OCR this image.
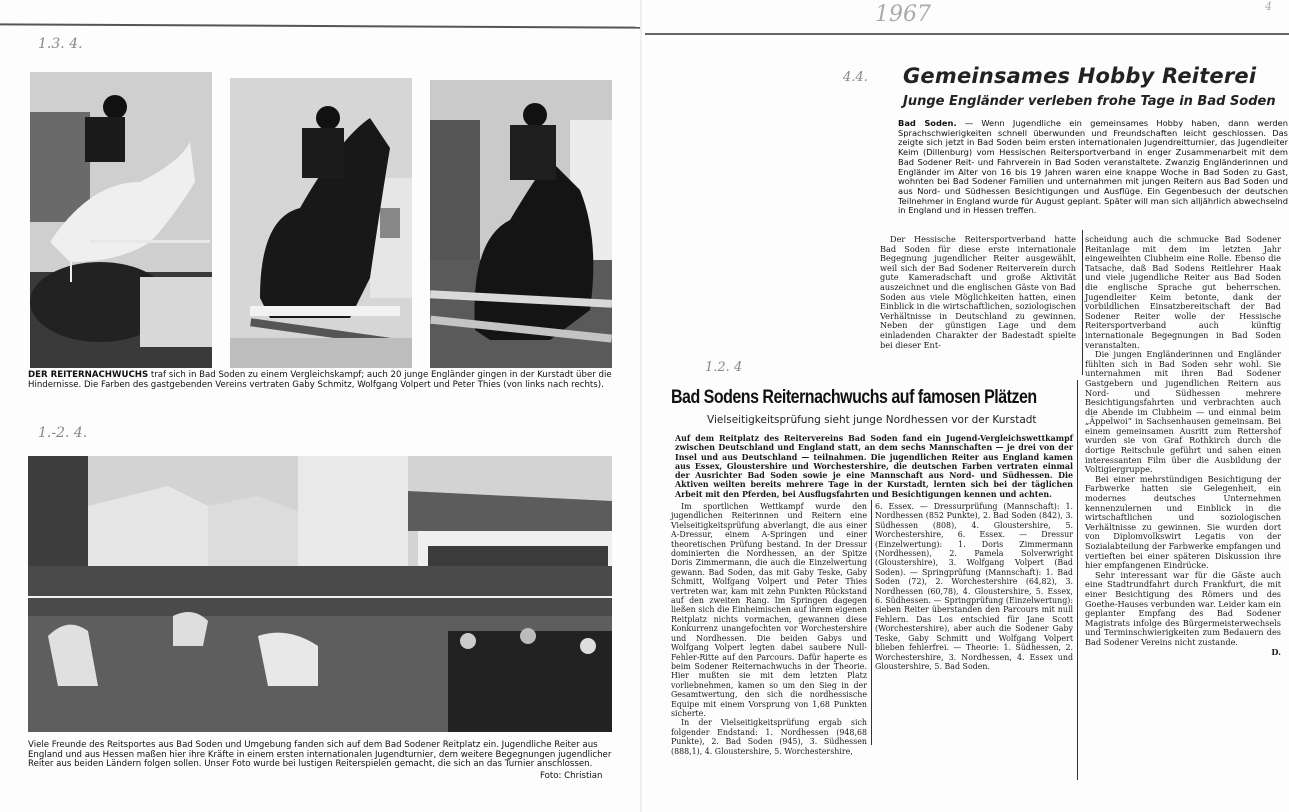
1.3. 4.
DER REITERNACHWUCHS traf sich in Bad Soden zu einem Vergleichskampf; auch 20 junge Engländer gingen in der Kurstadt über die Hindernisse. Die Farben des gastgebenden Vereins vertraten Gaby Schmitz, Wolfgang Volpert und Peter Thies (von links nach rechts).
1.-2. 4.
Viele Freunde des Reitsportes aus Bad Soden und Umgebung fanden sich auf dem Bad Sodener Reitplatz ein. Jugendliche Reiter aus England und aus Hessen maßen hier ihre Kräfte in einem ersten internationalen Jugendturnier, dem weitere Begegnungen jugendlicher Reiter aus beiden Ländern folgen sollen. Unser Foto wurde bei lustigen Reiterspielen gemacht, die sich an das Turnier anschlossen.
Foto: Christian
1967	4
4.4. Gemeinsames Hobby Reiterei
Junge Engländer verleben frohe Tage in Bad Soden
Bad Soden. — Wenn Jugendliche ein gemeinsames Hobby haben, dann werden Sprachschwierigkeiten schnell überwunden und Freundschaften leicht geschlossen. Das zeigte sich jetzt in Bad Soden beim ersten internationalen Jugendreitturnier, das Jugendleiter Keim (Dillenburg) vom Hessischen Reitersportverband in enger Zusammenarbeit mit dem Bad Sodener Reit- und Fahrverein in Bad Soden veranstaltete. Zwanzig Engländerinnen und Engländer im Alter von 16 bis 19 Jahren waren eine knappe Woche in Bad Soden zu Gast, wohnten bei Bad Sodener Familien und unternahmen mit jungen Reitern aus Bad Soden und aus Nord- und Südhessen Besichtigungen und Ausflüge. Ein Gegenbesuch der deutschen Teilnehmer in England wurde für August geplant. Später will man sich alljährlich abwechselnd in England und in Hessen treffen.
Der Hessische Reitersportverband hatte Bad Soden für diese erste internationale Begegnung jugendlicher Reiter ausgewählt, weil sich der Bad Sodener Reiterverein durch gute Kameradschaft und große Aktivität auszeichnet und die englischen Gäste von Bad Soden aus viele Möglichkeiten hatten, einen Einblick in die wirtschaftlichen, soziologischen Verhältnisse in Deutschland zu gewinnen. Neben der günstigen Lage und dem einladenden Charakter der Badestadt spielte bei dieser Ent-

scheidung auch die schmucke Bad Sodener Reitanlage mit dem im letzten Jahr eingeweihten Clubheim eine Rolle. Ebenso die Tatsache, daß Bad Sodens Reitlehrer Haak und viele jugendliche Reiter aus Bad Soden die englische Sprache gut beherrschen. Jugendleiter Keim betonte, dank der vorbildlichen Einsatzbereitschaft der Bad Sodener Reiter wolle der Hessische Reitersportverband auch künftig internationale Begegnungen in Bad Soden veranstalten.

Die jungen Engländerinnen und Engländer fühlten sich in Bad Soden sehr wohl. Sie unternahmen mit ihren Bad Sodener Gastgebern und jugendlichen Reitern aus Nord- und Südhessen mehrere Besichtigungsfahrten und verbrachten auch die Abende im Clubheim — und einmal beim „Äppelwoi“ in Sachsenhausen gemeinsam. Bei einem gemeinsamen Ausritt zum Rettershof wurden sie von Graf Rothkirch durch die dortige Reitschule geführt und sahen einen interessanten Film über die Ausbildung der Voltigiergruppe.

Bei einer mehrstündigen Besichtigung der Farbwerke hatten sie Gelegenheit, ein modernes deutsches Unternehmen kennenzulernen und Einblick in die wirtschaftlichen und soziologischen Verhältnisse zu gewinnen. Sie wurden dort von Diplomvolkswirt Legatis von der Sozialabteilung der Farbwerke empfangen und vertieften bei einer späteren Diskussion ihre hier empfangenen Eindrücke.

Sehr interessant war für die Gäste auch eine Stadtrundfahrt durch Frankfurt, die mit einer Besichtigung des Römers und des Goethe-Hauses verbunden war. Leider kam ein geplanter Empfang des Bad Sodener Magistrats infolge des Bürgermeisterwechsels und Terminschwierigkeiten zum Bedauern des Bad Sodener Vereins nicht zustande.

D.

1.2. 4
Bad Sodens Reiternachwuchs auf famosen Plätzen
Vielseitigkeitsprüfung sieht junge Nordhessen vor der Kurstadt
Auf dem Reitplatz des Reitervereins Bad Soden fand ein Jugend-Vergleichswettkampf zwischen Deutschland und England statt, an dem sechs Mannschaften — je drei von der Insel und aus Deutschland — teilnahmen. Die jugendlichen Reiter aus England kamen aus Essex, Gloustershire und Worchestershire, die deutschen Farben vertraten einmal der Ausrichter Bad Soden sowie je eine Mannschaft aus Nord- und Südhessen. Die Aktiven weilten bereits mehrere Tage in der Kurstadt, lernten sich bei der täglichen Arbeit mit den Pferden, bei Ausflugsfahrten und Besichtigungen kennen und achten.

Im sportlichen Wettkampf wurde den jugendlichen Reiterinnen und Reitern eine Vielseitigkeitsprüfung abverlangt, die aus einer A-Dressur, einem A-Springen und einer theoretischen Prüfung bestand. In der Dressur dominierten die Nordhessen, an der Spitze Doris Zimmermann, die auch die Einzelwertung gewann. Bad Soden, das mit Gaby Teske, Gaby Schmitt, Wolfgang Volpert und Peter Thies vertreten war, kam mit zehn Punkten Rückstand auf den zweiten Rang. Im Springen dagegen ließen sich die Einheimischen auf ihrem eigenen Reitplatz nichts vormachen, gewannen diese Konkurrenz unangefochten vor Worchestershire und Nordhessen. Die beiden Gabys und Wolfgang Volpert legten dabei saubere Null-Fehler-Ritte auf den Parcours. Dafür haperte es beim Sodener Reiternachwuchs in der Theorie. Hier mußten sie mit dem letzten Platz vorliebnehmen, kamen so um den Sieg in der Gesamtwertung, den sich die nordhessische Equipe mit einem Vorsprung von 1,68 Punkten sicherte.

In der Vielseitigkeitsprüfung ergab sich folgender Endstand: 1. Nordhessen (948,68 Punkte), 2. Bad Soden (945), 3. Südhessen (888,1), 4. Gloustershire, 5. Worchestershire,

6. Essex. — Dressurprüfung (Mannschaft): 1. Nordhessen (852 Punkte), 2. Bad Soden (842), 3. Südhessen (808), 4. Gloustershire, 5. Worchestershire, 6. Essex. — Dressur (Einzelwertung): 1. Doris Zimmermann (Nordhessen), 2. Pamela Solverwright (Gloustershire), 3. Wolfgang Volpert (Bad Soden). — Springprüfung (Mannschaft): 1. Bad Soden (72), 2. Worchestershire (64,82), 3. Nordhessen (60,78), 4. Gloustershire, 5. Essex, 6. Südhessen. — Springprüfung (Einzelwertung): sieben Reiter überstanden den Parcours mit null Fehlern. Das Los entschied für Jane Scott (Worchestershire), aber auch die Sodener Gaby Teske, Gaby Schmitt und Wolfgang Volpert blieben fehlerfrei. — Theorie: 1. Südhessen, 2. Worchestershire, 3. Nordhessen, 4. Essex und Gloustershire, 5. Bad Soden.
